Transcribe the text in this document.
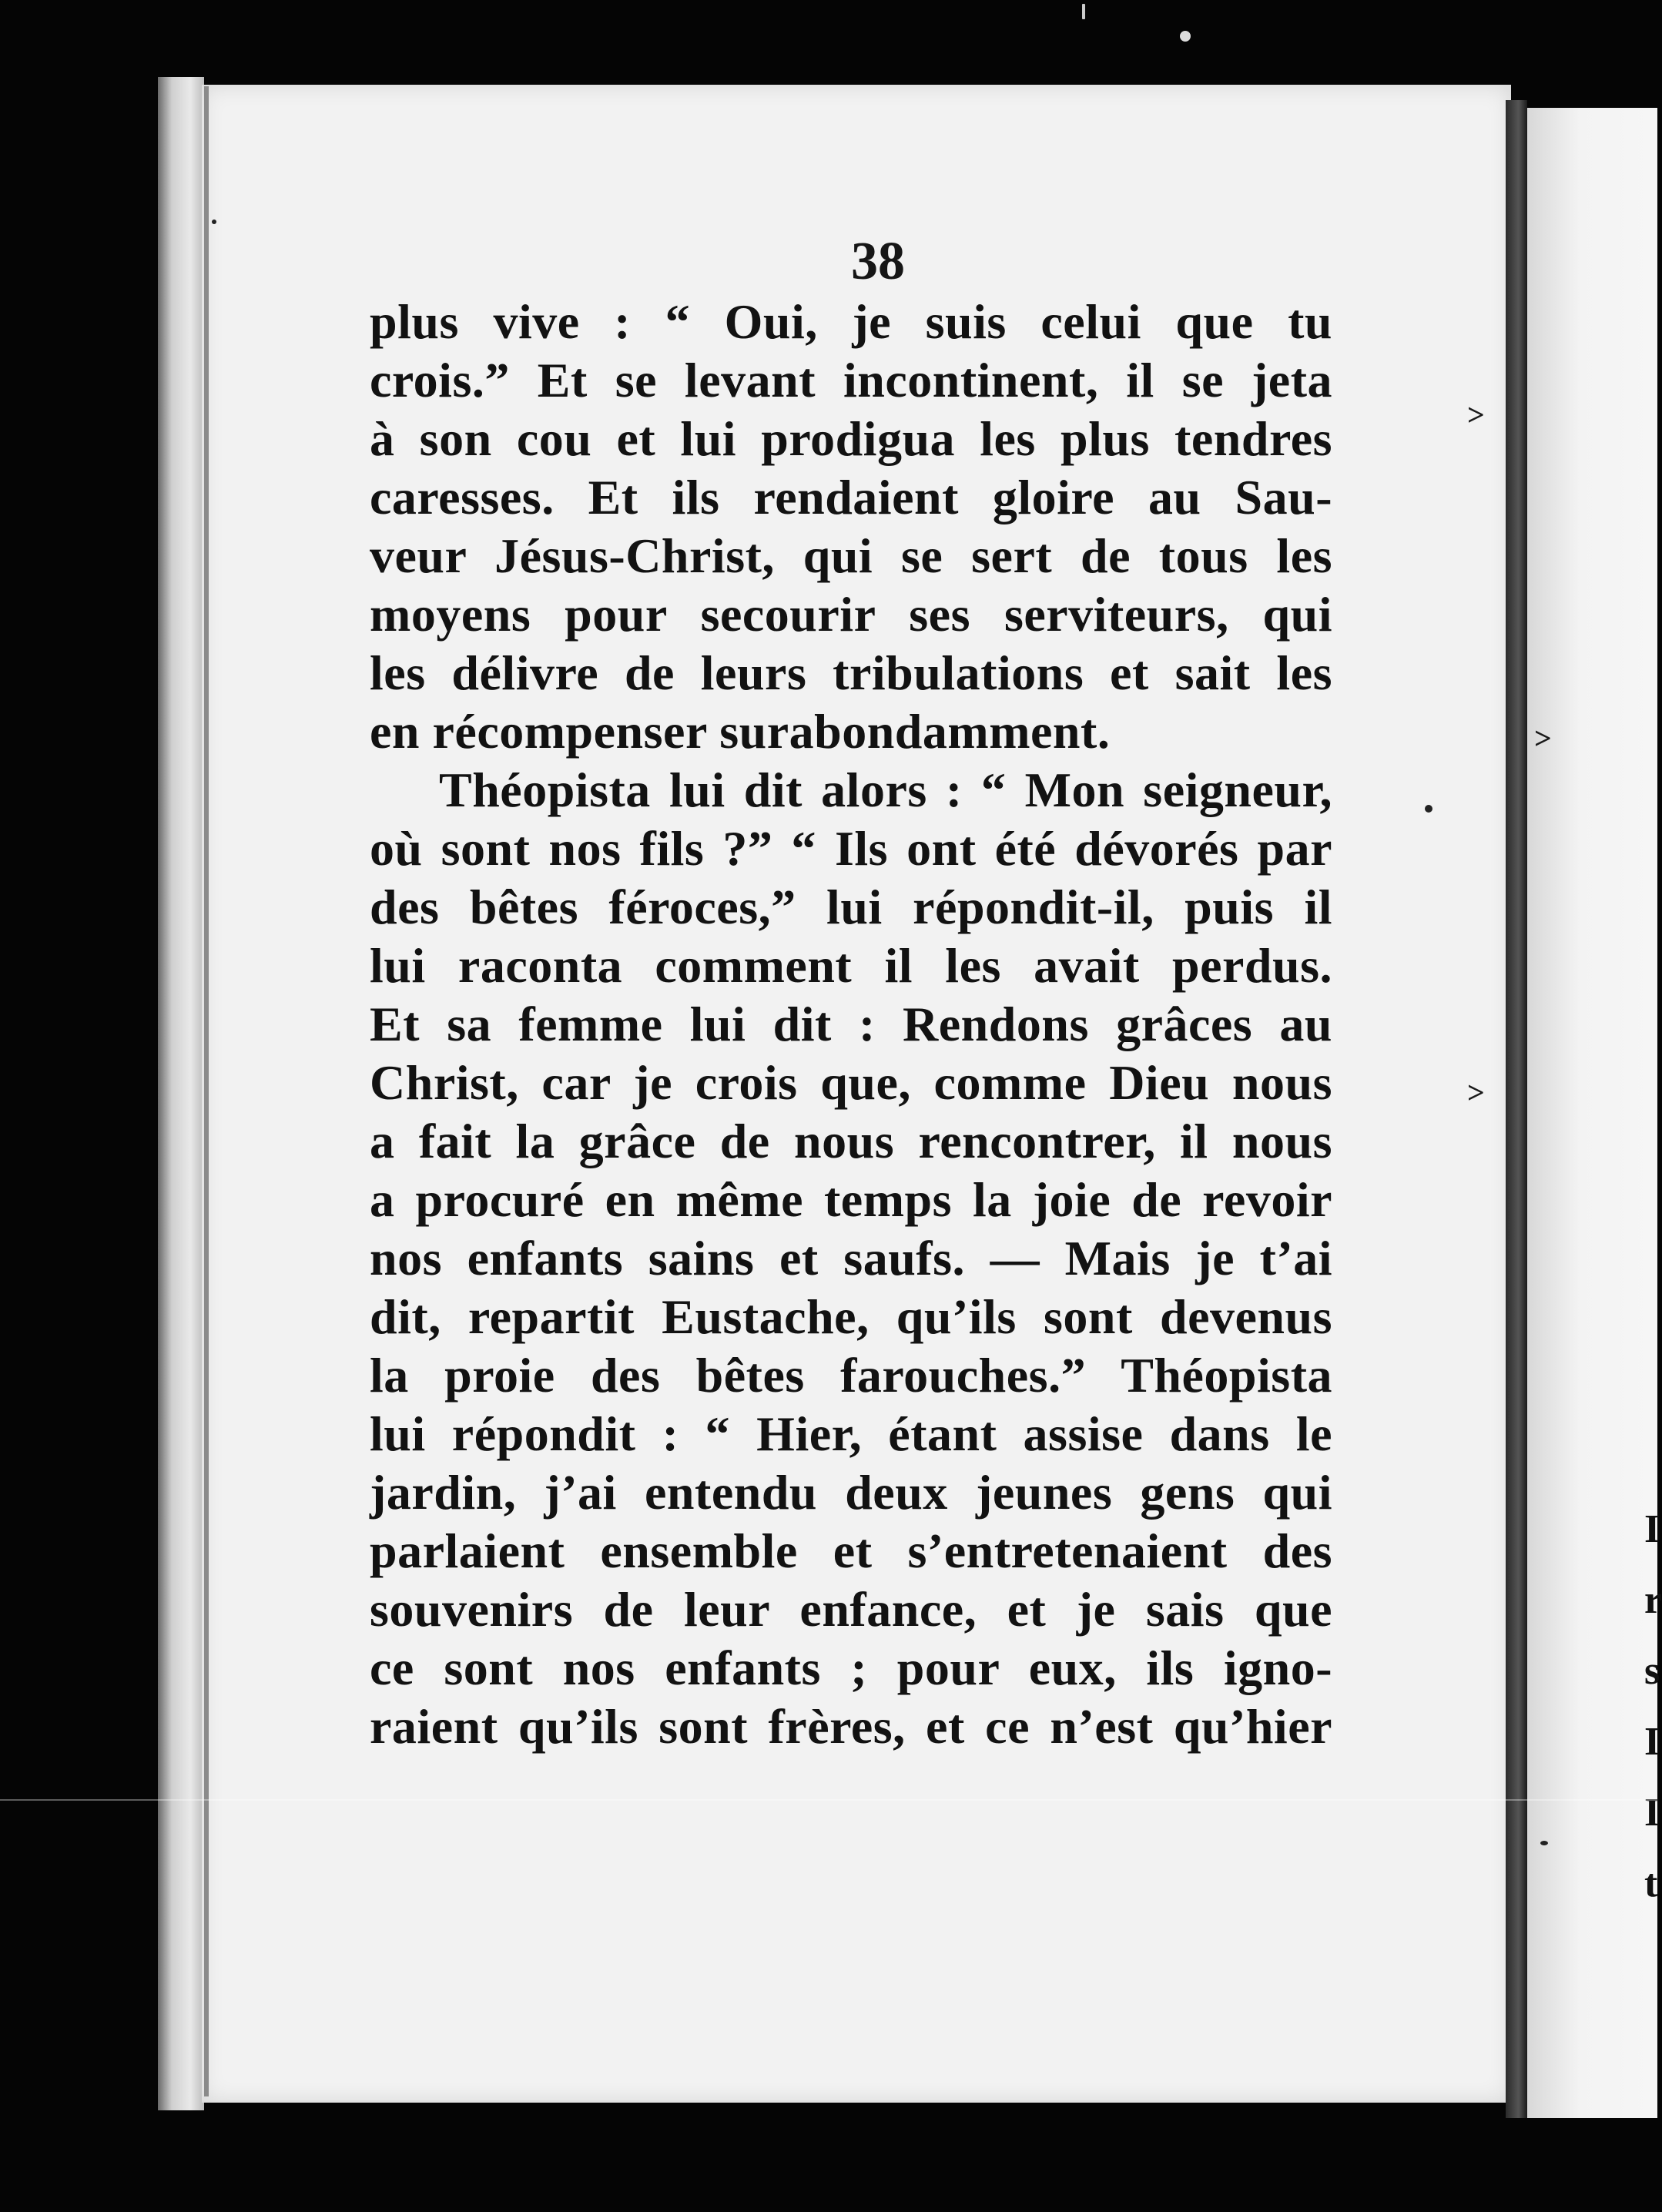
38
plus vive : “ Oui, je suis celui que tu
crois.” Et se levant incontinent, il se jeta
à son cou et lui prodigua les plus tendres
caresses. Et ils rendaient gloire au Sau-
veur Jésus-Christ, qui se sert de tous les
moyens pour secourir ses serviteurs, qui
les délivre de leurs tribulations et sait les
en récompenser surabondamment.
Théopista lui dit alors : “ Mon seigneur,
où sont nos fils ?” “ Ils ont été dévorés par
des bêtes féroces,” lui répondit-il, puis il
lui raconta comment il les avait perdus.
Et sa femme lui dit : Rendons grâces au
Christ, car je crois que, comme Dieu nous
a fait la grâce de nous rencontrer, il nous
a procuré en même temps la joie de revoir
nos enfants sains et saufs. — Mais je t’ai
dit, repartit Eustache, qu’ils sont devenus
la proie des bêtes farouches.” Théopista
lui répondit : “ Hier, étant assise dans le
jardin, j’ai entendu deux jeunes gens qui
parlaient ensemble et s’entretenaient des
souvenirs de leur enfance, et je sais que
ce sont nos enfants ; pour eux, ils igno-
raient qu’ils sont frères, et ce n’est qu’hier
>
>
>
I
r
s
I
I
t
